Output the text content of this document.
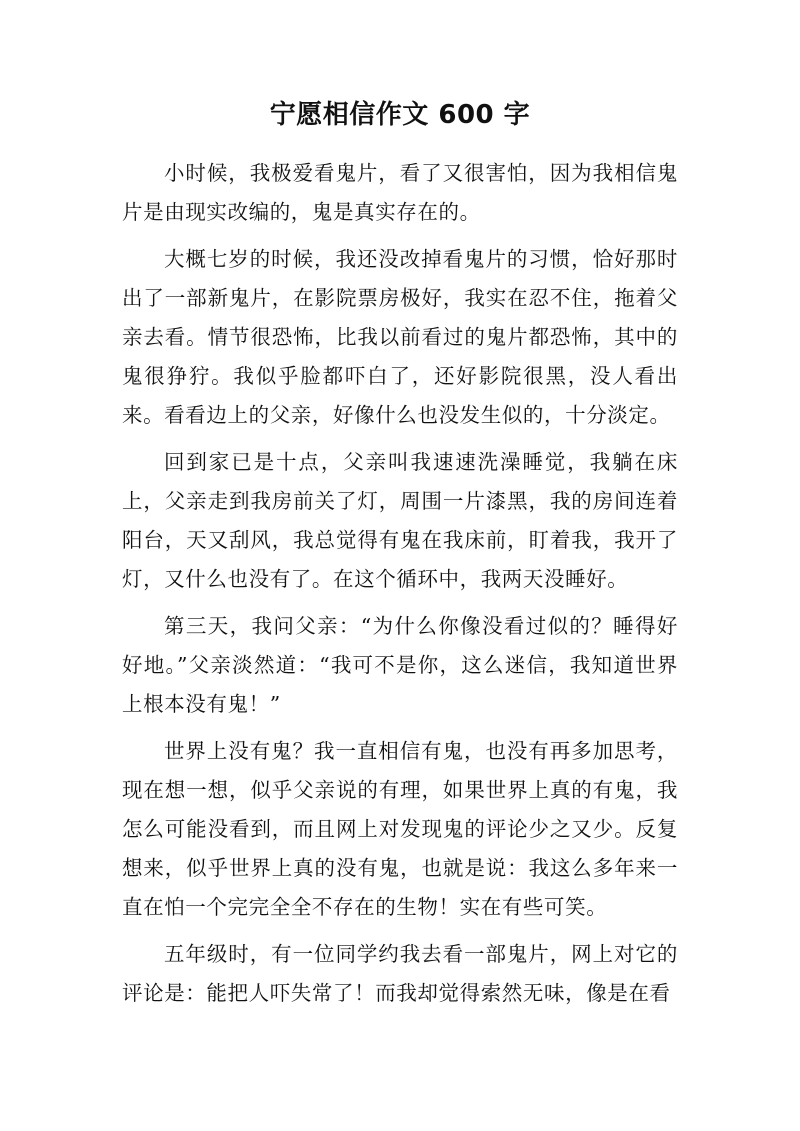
宁愿相信作文 600 字

小时候，我极爱看鬼片，看了又很害怕，因为我相信鬼片是由现实改编的，鬼是真实存在的。

大概七岁的时候，我还没改掉看鬼片的习惯，恰好那时出了一部新鬼片，在影院票房极好，我实在忍不住，拖着父亲去看。情节很恐怖，比我以前看过的鬼片都恐怖，其中的鬼很狰狞。我似乎脸都吓白了，还好影院很黑，没人看出来。看看边上的父亲，好像什么也没发生似的，十分淡定。

回到家已是十点，父亲叫我速速洗澡睡觉，我躺在床上，父亲走到我房前关了灯，周围一片漆黑，我的房间连着阳台，天又刮风，我总觉得有鬼在我床前，盯着我，我开了灯，又什么也没有了。在这个循环中，我两天没睡好。

第三天，我问父亲：“为什么你像没看过似的？睡得好好地。”父亲淡然道：“我可不是你，这么迷信，我知道世界上根本没有鬼！”

世界上没有鬼？我一直相信有鬼，也没有再多加思考，现在想一想，似乎父亲说的有理，如果世界上真的有鬼，我怎么可能没看到，而且网上对发现鬼的评论少之又少。反复想来，似乎世界上真的没有鬼，也就是说：我这么多年来一直在怕一个完完全全不存在的生物！实在有些可笑。

五年级时，有一位同学约我去看一部鬼片，网上对它的评论是：能把人吓失常了！而我却觉得索然无味，像是在看
